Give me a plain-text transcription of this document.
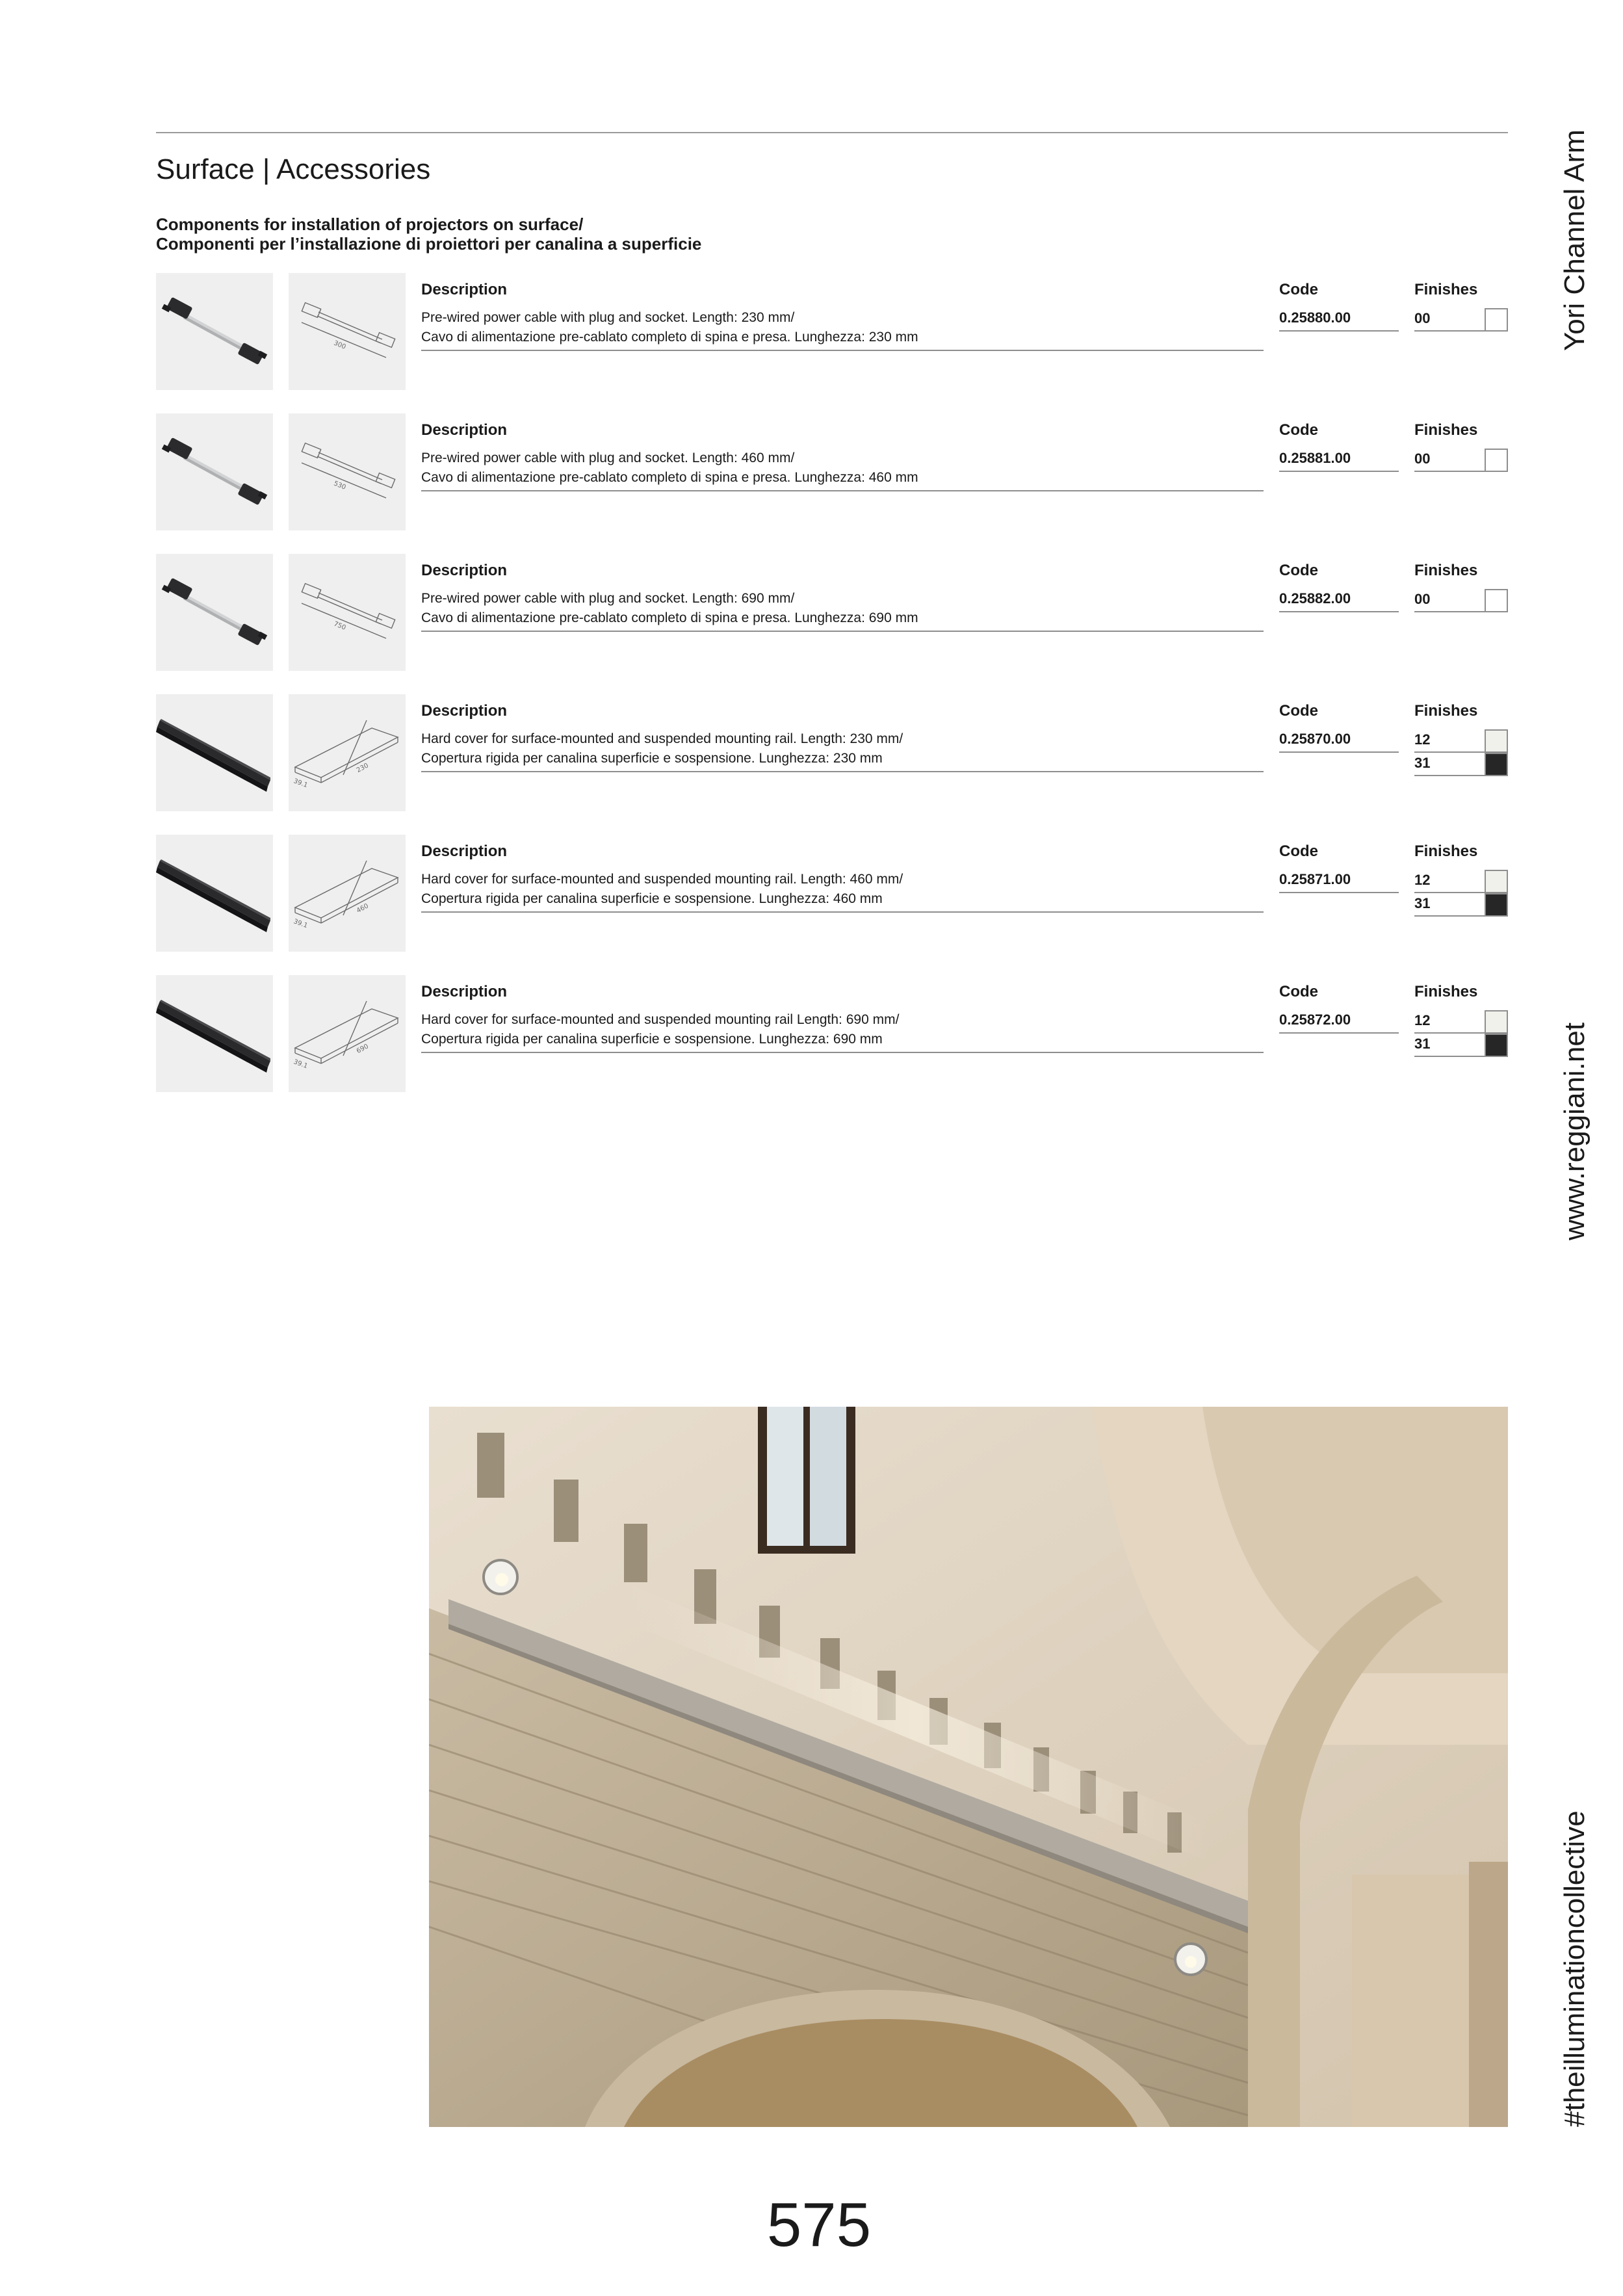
Surface | Accessories
Components for installation of projectors on surface/
Componenti per l’installazione di proiettori per canalina a superficie
300
Description
Pre-wired power cable with plug and socket. Length: 230 mm/
Cavo di alimentazione pre-cablato completo di spina e presa. Lunghezza: 230 mm
Code
0.25880.00
Finishes
00
530
Description
Pre-wired power cable with plug and socket. Length: 460 mm/
Cavo di alimentazione pre-cablato completo di spina e presa. Lunghezza: 460 mm
Code
0.25881.00
Finishes
00
750
Description
Pre-wired power cable with plug and socket. Length: 690 mm/
Cavo di alimentazione pre-cablato completo di spina e presa. Lunghezza: 690 mm
Code
0.25882.00
Finishes
00
230
39.1
Description
Hard cover for surface-mounted and suspended mounting rail. Length: 230 mm/
Copertura rigida per canalina superficie e sospensione. Lunghezza: 230 mm
Code
0.25870.00
Finishes
12
31
460
39.1
Description
Hard cover for surface-mounted and suspended mounting rail. Length: 460 mm/
Copertura rigida per canalina superficie e sospensione. Lunghezza: 460 mm
Code
0.25871.00
Finishes
12
31
690
39.1
Description
Hard cover for surface-mounted and suspended mounting rail Length: 690 mm/
Copertura rigida per canalina superficie e sospensione. Lunghezza: 690 mm
Code
0.25872.00
Finishes
12
31
Yori Channel Arm
www.reggiani.net
#theilluminationcollective
575
